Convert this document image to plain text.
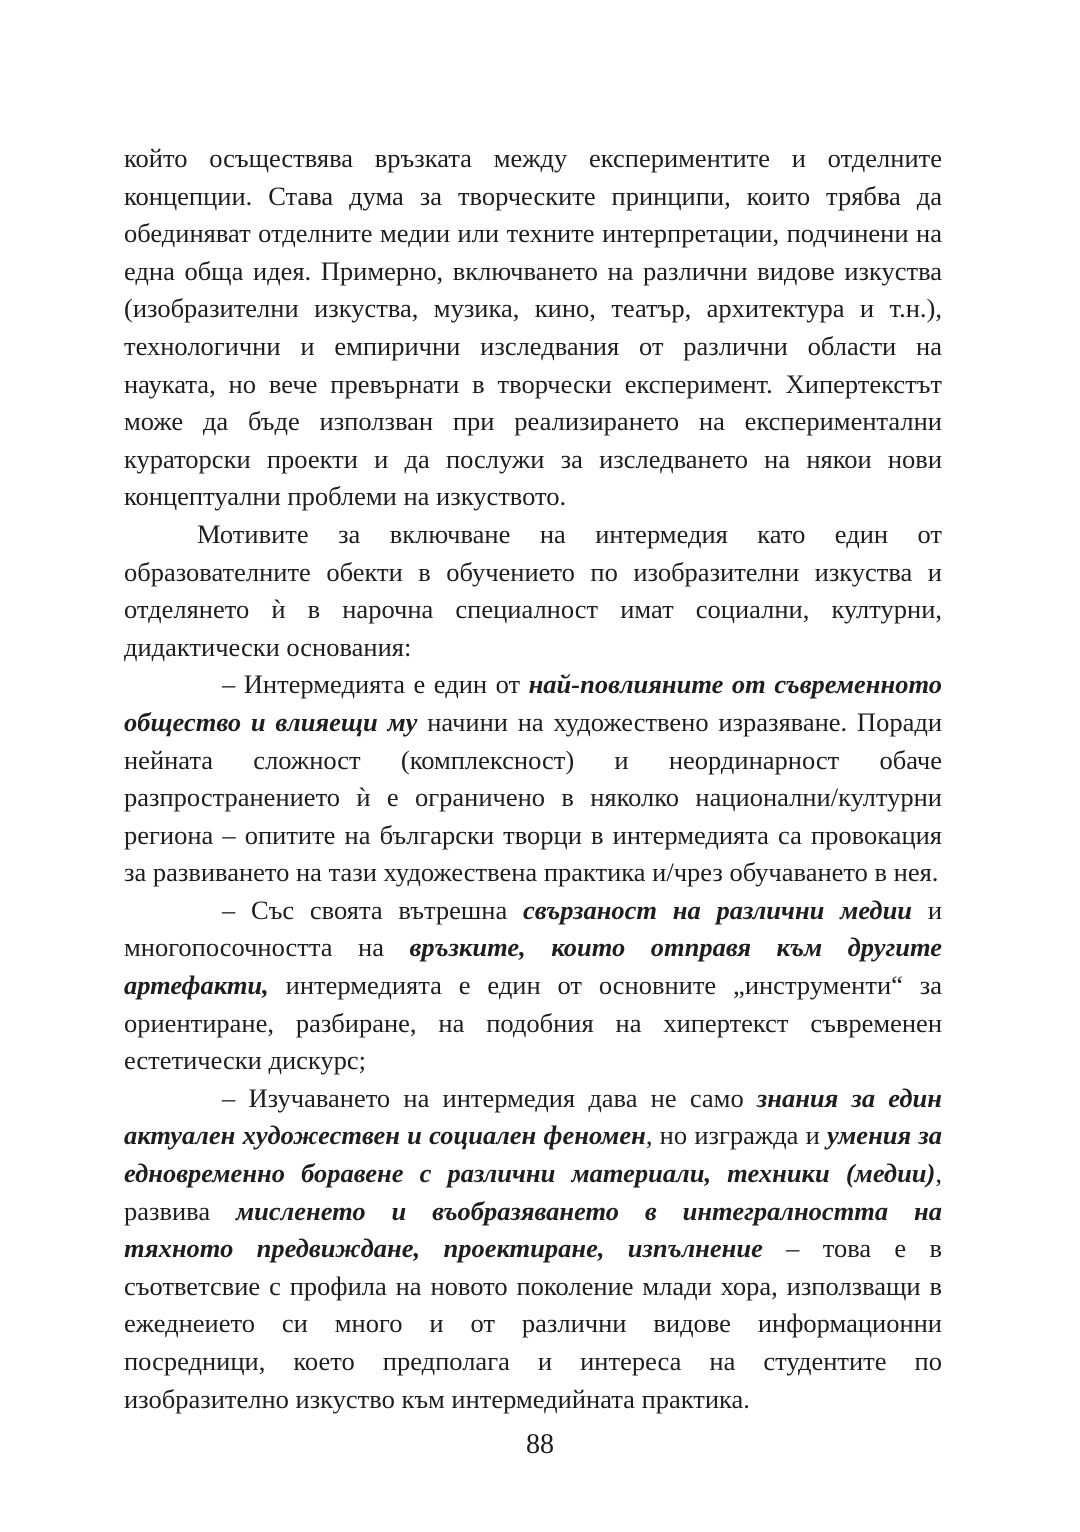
който осъществява връзката между експериментите и отделните концепции. Става дума за творческите принципи, които трябва да обединяват отделните медии или техните интерпретации, подчинени на една обща идея. Примерно, включването на различни видове изкуства (изобразителни изкуства, музика, кино, театър, архитектура и т.н.), технологични и емпирични изследвания от различни области на науката, но вече превърнати в творчески експеримент. Хипертекстът може да бъде използван при реализирането на експериментални кураторски проекти и да послужи за изследването на някои нови концептуални проблеми на изкуството.

Мотивите за включване на интермедия като един от образователните обекти в обучението по изобразителни изкуства и отделянето ѝ в нарочна специалност имат социални, културни, дидактически основания:

– Интермедията е един от най-повлияните от съвременното общество и влияещи му начини на художествено изразяване. Поради нейната сложност (комплексност) и неординарност обаче разпространението ѝ е ограничено в няколко национални/културни региона – опитите на български творци в интермедията са провокация за развиването на тази художествена практика и/чрез обучаването в нея.

– Със своята вътрешна свързаност на различни медии и многопосочността на връзките, които отправя към другите артефакти, интермедията е един от основните „инструменти“ за ориентиране, разбиране, на подобния на хипертекст съвременен естетически дискурс;

– Изучаването на интермедия дава не само знания за един актуален художествен и социален феномен, но изгражда и умения за едновременно боравене с различни материали, техники (медии), развива мисленето и въобразяването в интегралността на тяхното предвиждане, проектиране, изпълнение – това е в съответсвие с профила на новото поколение млади хора, използващи в ежеднеието си много и от различни видове информационни посредници, което предполага и интереса на студентите по изобразително изкуство към интермедийната практика.

88
